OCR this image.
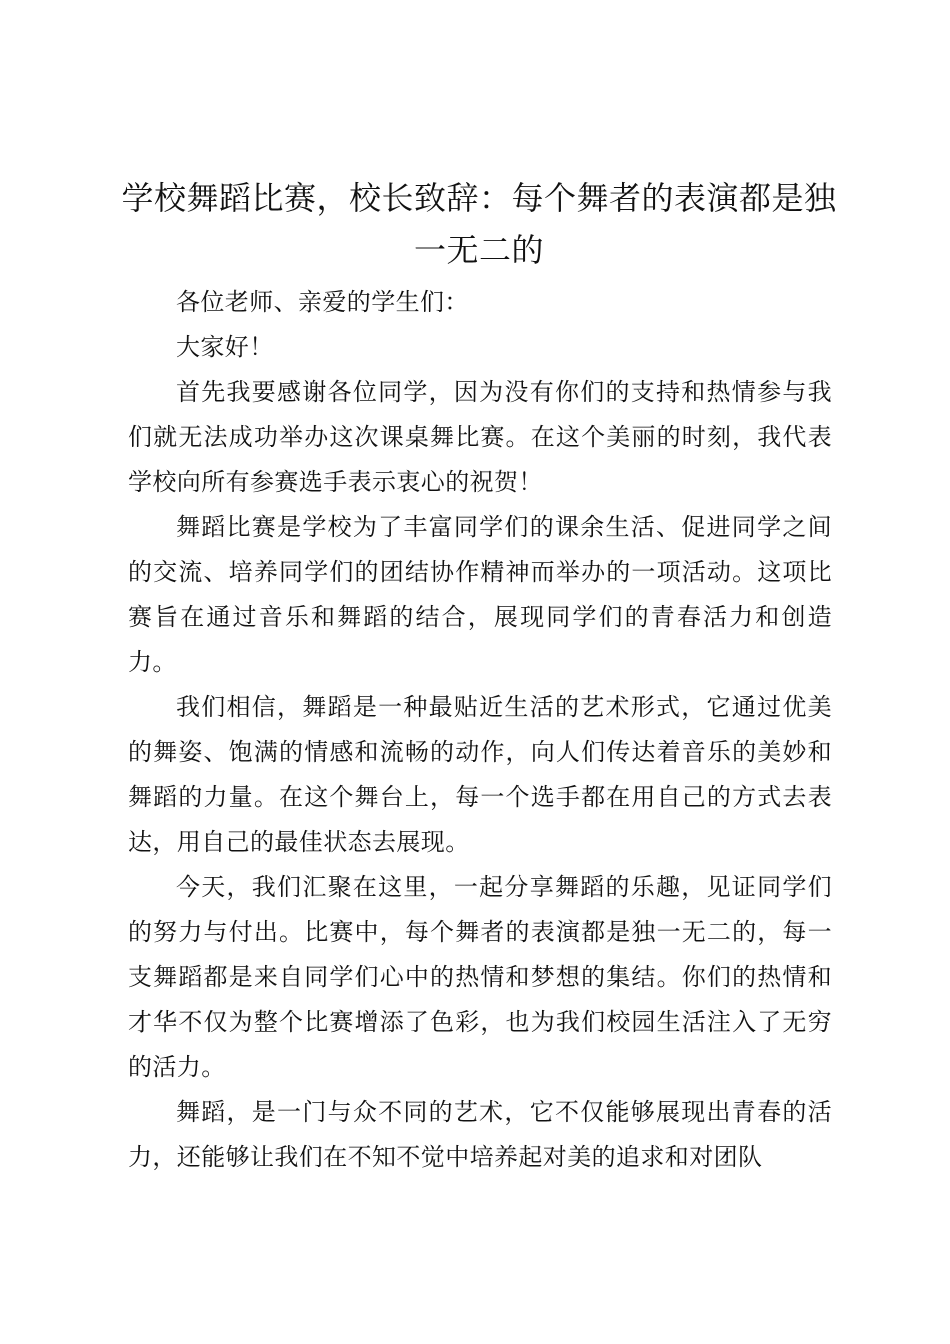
学校舞蹈比赛，校长致辞：每个舞者的表演都是独一无二的

各位老师、亲爱的学生们：

大家好！

首先我要感谢各位同学，因为没有你们的支持和热情参与我们就无法成功举办这次课桌舞比赛。在这个美丽的时刻，我代表学校向所有参赛选手表示衷心的祝贺！

舞蹈比赛是学校为了丰富同学们的课余生活、促进同学之间的交流、培养同学们的团结协作精神而举办的一项活动。这项比赛旨在通过音乐和舞蹈的结合，展现同学们的青春活力和创造力。

我们相信，舞蹈是一种最贴近生活的艺术形式，它通过优美的舞姿、饱满的情感和流畅的动作，向人们传达着音乐的美妙和舞蹈的力量。在这个舞台上，每一个选手都在用自己的方式去表达，用自己的最佳状态去展现。

今天，我们汇聚在这里，一起分享舞蹈的乐趣，见证同学们的努力与付出。比赛中，每个舞者的表演都是独一无二的，每一支舞蹈都是来自同学们心中的热情和梦想的集结。你们的热情和才华不仅为整个比赛增添了色彩，也为我们校园生活注入了无穷的活力。

舞蹈，是一门与众不同的艺术，它不仅能够展现出青春的活力，还能够让我们在不知不觉中培养起对美的追求和对团队
